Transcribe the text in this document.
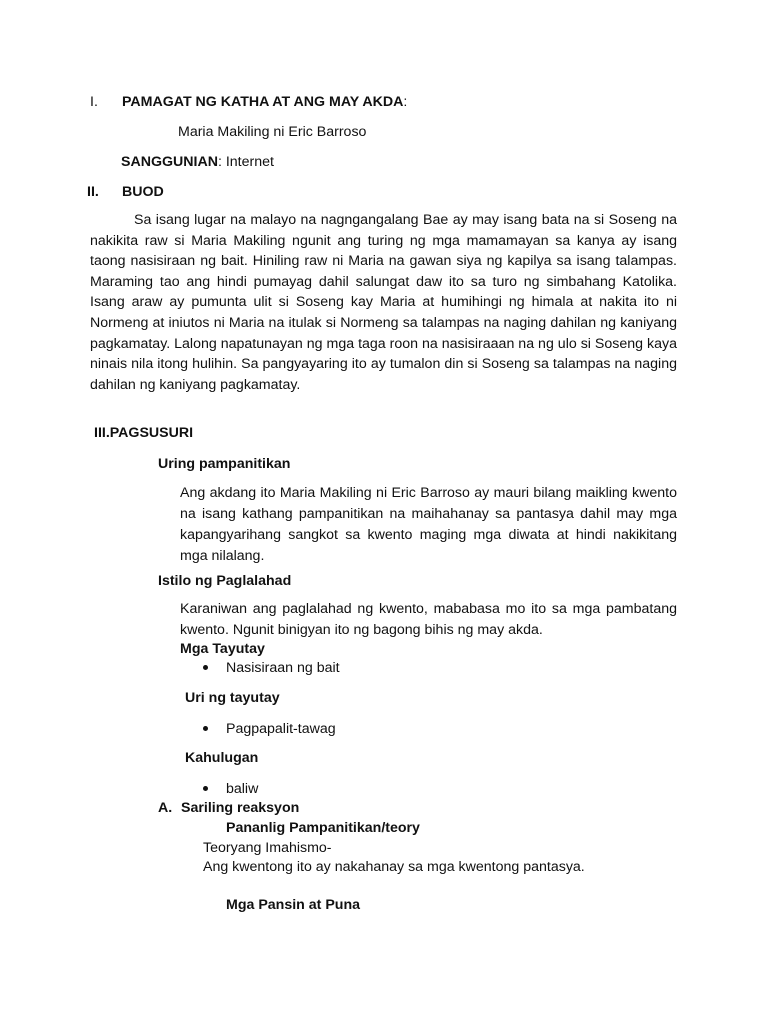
I. PAMAGAT NG KATHA AT ANG MAY AKDA:
Maria Makiling ni Eric Barroso
SANGGUNIAN: Internet
II. BUOD
Sa isang lugar na malayo na nagngangalang Bae ay may isang bata na si Soseng na nakikita raw si Maria Makiling ngunit ang turing ng mga mamamayan sa kanya ay isang taong nasisiraan ng bait. Hiniling raw ni Maria na gawan siya ng kapilya sa isang talampas. Maraming tao ang hindi pumayag dahil salungat daw ito sa turo ng simbahang Katolika. Isang araw ay pumunta ulit si Soseng kay Maria at humihingi ng himala at nakita ito ni Normeng at iniutos ni Maria na itulak si Normeng sa talampas na naging dahilan ng kaniyang pagkamatay. Lalong napatunayan ng mga taga roon na nasisiraaan na ng ulo si Soseng kaya ninais nila itong hulihin. Sa pangyayaring ito ay tumalon din si Soseng sa talampas na naging dahilan ng kaniyang pagkamatay.
III.PAGSUSURI
Uring pampanitikan
Ang akdang ito Maria Makiling ni Eric Barroso ay mauri bilang maikling kwento na isang kathang pampanitikan na maihahanay sa pantasya dahil may mga kapangyarihang sangkot sa kwento maging mga diwata at hindi nakikitang mga nilalang.
Istilo ng Paglalahad
Karaniwan ang paglalahad ng kwento, mababasa mo ito sa mga pambatang kwento. Ngunit binigyan ito ng bagong bihis ng may akda.
Mga Tayutay
Nasisiraan ng bait
Uri ng tayutay
Pagpapalit-tawag
Kahulugan
baliw
A. Sariling reaksyon
Pananlig Pampanitikan/teory
Teoryang Imahismo-
Ang kwentong ito ay nakahanay sa mga kwentong pantasya.
Mga Pansin at Puna
